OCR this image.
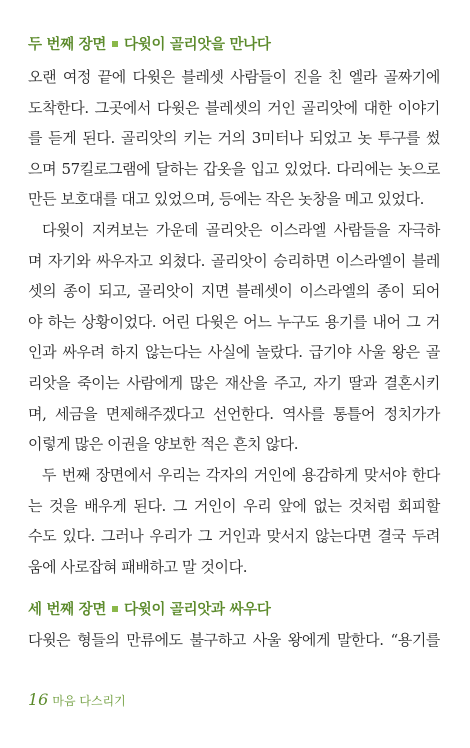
두 번째 장면 다윗이 골리앗을 만나다
오랜 여정 끝에 다윗은 블레셋 사람들이 진을 친 엘라 골짜기에
도착한다. 그곳에서 다윗은 블레셋의 거인 골리앗에 대한 이야기
를 듣게 된다. 골리앗의 키는 거의 3미터나 되었고 놋 투구를 썼
으며 57킬로그램에 달하는 갑옷을 입고 있었다. 다리에는 놋으로
만든 보호대를 대고 있었으며, 등에는 작은 놋창을 메고 있었다.
다윗이 지켜보는 가운데 골리앗은 이스라엘 사람들을 자극하
며 자기와 싸우자고 외쳤다. 골리앗이 승리하면 이스라엘이 블레
셋의 종이 되고, 골리앗이 지면 블레셋이 이스라엘의 종이 되어
야 하는 상황이었다. 어린 다윗은 어느 누구도 용기를 내어 그 거
인과 싸우려 하지 않는다는 사실에 놀랐다. 급기야 사울 왕은 골
리앗을 죽이는 사람에게 많은 재산을 주고, 자기 딸과 결혼시키
며, 세금을 면제해주겠다고 선언한다. 역사를 통틀어 정치가가
이렇게 많은 이권을 양보한 적은 흔치 않다.
두 번째 장면에서 우리는 각자의 거인에 용감하게 맞서야 한다
는 것을 배우게 된다. 그 거인이 우리 앞에 없는 것처럼 회피할
수도 있다. 그러나 우리가 그 거인과 맞서지 않는다면 결국 두려
움에 사로잡혀 패배하고 말 것이다.
세 번째 장면 다윗이 골리앗과 싸우다
다윗은 형들의 만류에도 불구하고 사울 왕에게 말한다. “용기를
16 마음 다스리기
